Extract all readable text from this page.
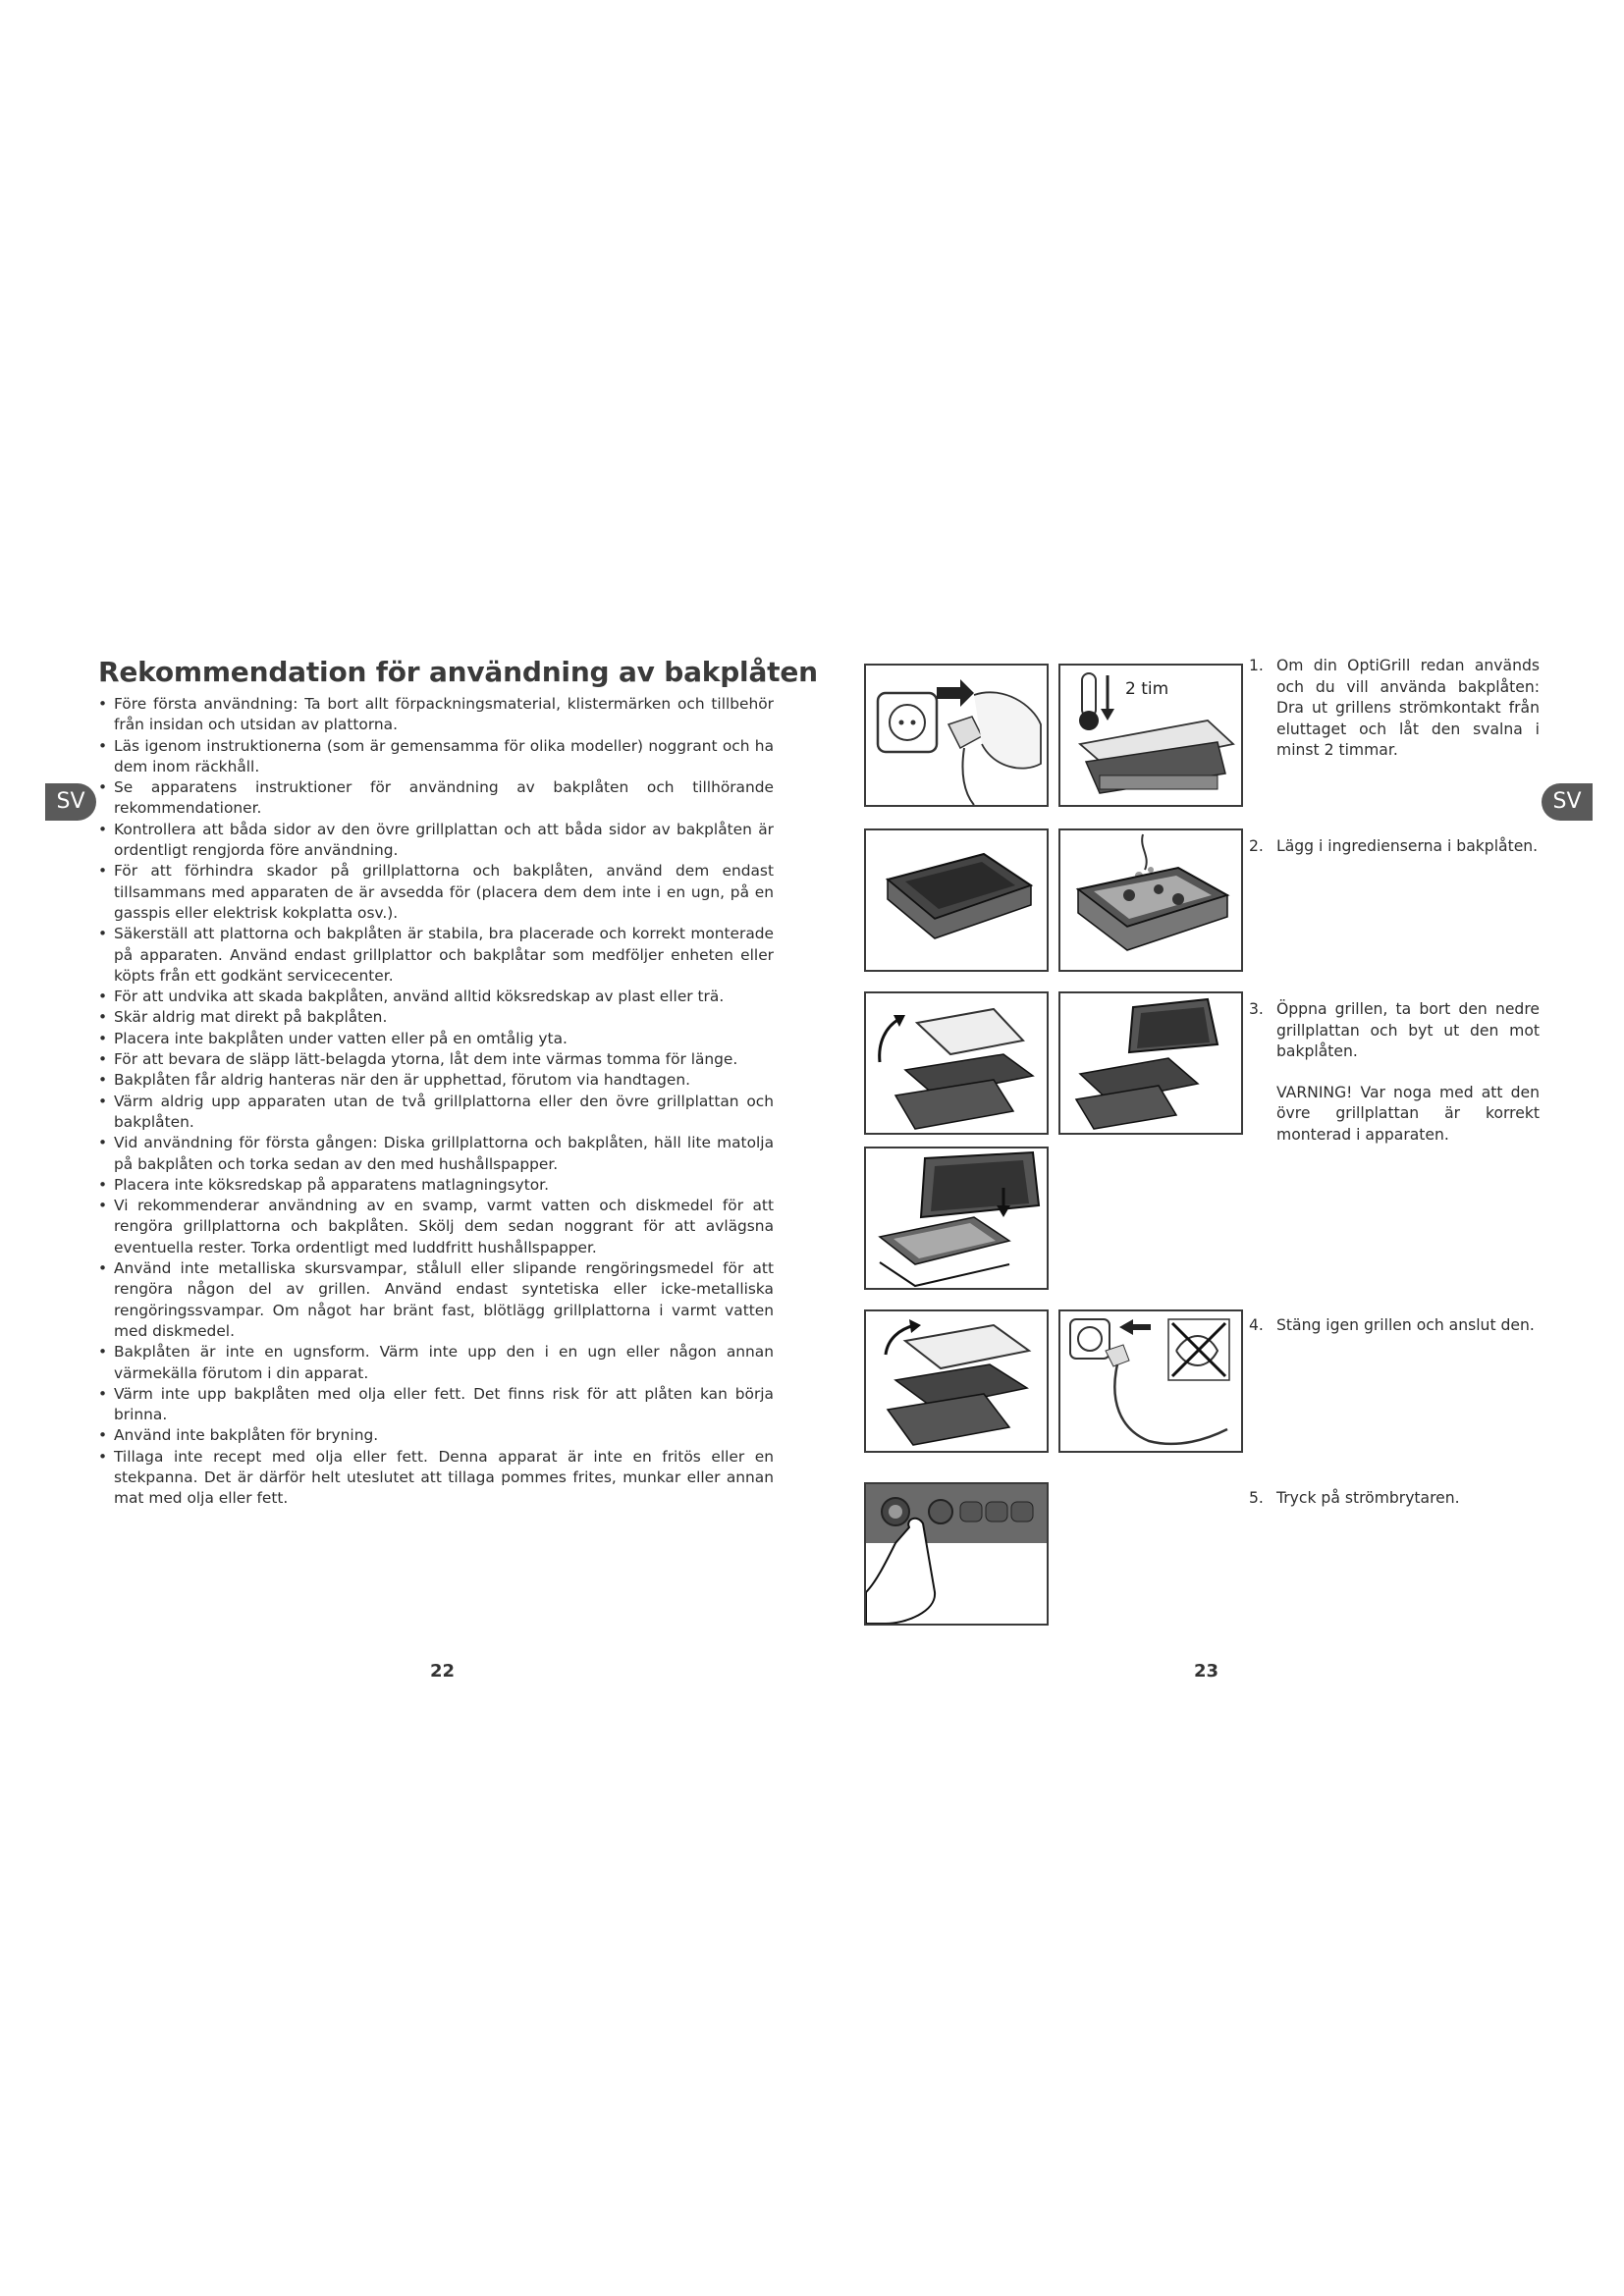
SV	SV
Rekommendation för användning av bakplåten
• Före första användning: Ta bort allt förpackningsmaterial, klistermärken och tillbehör från insidan och utsidan av plattorna.
• Läs igenom instruktionerna (som är gemensamma för olika modeller) noggrant och ha dem inom räckhåll.
• Se apparatens instruktioner för användning av bakplåten och tillhörande rekommendationer.
• Kontrollera att båda sidor av den övre grillplattan och att båda sidor av bakplåten är ordentligt rengjorda före användning.
• För att förhindra skador på grillplattorna och bakplåten, använd dem endast tillsammans med apparaten de är avsedda för (placera dem dem inte i en ugn, på en gasspis eller elektrisk kokplatta osv.).
• Säkerställ att plattorna och bakplåten är stabila, bra placerade och korrekt monterade på apparaten. Använd endast grillplattor och bakplåtar som medföljer enheten eller köpts från ett godkänt servicecenter.
• För att undvika att skada bakplåten, använd alltid köksredskap av plast eller trä.
• Skär aldrig mat direkt på bakplåten.
• Placera inte bakplåten under vatten eller på en omtålig yta.
• För att bevara de släpp lätt-belagda ytorna, låt dem inte värmas tomma för länge.
• Bakplåten får aldrig hanteras när den är upphettad, förutom via handtagen.
• Värm aldrig upp apparaten utan de två grillplattorna eller den övre grillplattan och bakplåten.
• Vid användning för första gången: Diska grillplattorna och bakplåten, häll lite matolja på bakplåten och torka sedan av den med hushållspapper.
• Placera inte köksredskap på apparatens matlagningsytor.
• Vi rekommenderar användning av en svamp, varmt vatten och diskmedel för att rengöra grillplattorna och bakplåten. Skölj dem sedan noggrant för att avlägsna eventuella rester. Torka ordentligt med luddfritt hushållspapper.
• Använd inte metalliska skursvampar, stålull eller slipande rengöringsmedel för att rengöra någon del av grillen. Använd endast syntetiska eller icke-metalliska rengöringssvampar. Om något har bränt fast, blötlägg grillplattorna i varmt vatten med diskmedel.
• Bakplåten är inte en ugnsform. Värm inte upp den i en ugn eller någon annan värmekälla förutom i din apparat.
• Värm inte upp bakplåten med olja eller fett. Det finns risk för att plåten kan börja brinna.
• Använd inte bakplåten för bryning.
• Tillaga inte recept med olja eller fett. Denna apparat är inte en fritös eller en stekpanna. Det är därför helt uteslutet att tillaga pommes frites, munkar eller annan mat med olja eller fett.
2 tim
1. Om din OptiGrill redan används och du vill använda bakplåten: Dra ut grillens strömkontakt från eluttaget och låt den svalna i minst 2 timmar.

2. Lägg i ingredienserna i bakplåten.

3. Öppna grillen, ta bort den nedre grillplattan och byt ut den mot bakplåten.

VARNING! Var noga med att den övre grillplattan är korrekt monterad i apparaten.

4. Stäng igen grillen och anslut den.

5. Tryck på strömbrytaren.

22	23
